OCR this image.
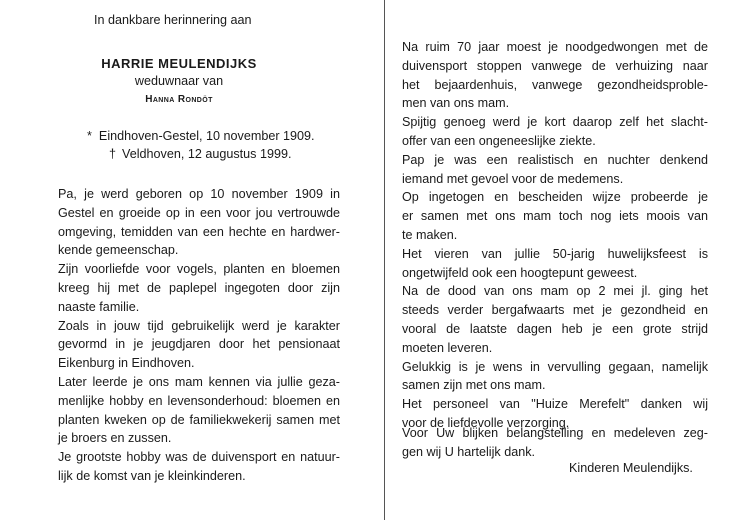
In dankbare herinnering aan
HARRIE MEULENDIJKS
weduwnaar van
Hanna Rondöt
* Eindhoven-Gestel, 10 november 1909.
† Veldhoven, 12 augustus 1999.
Pa, je werd geboren op 10 november 1909 in
Gestel en groeide op in een voor jou vertrouwde
omgeving, temidden van een hechte en hardwer-
kende gemeenschap.
Zijn voorliefde voor vogels, planten en bloemen
kreeg hij met de paplepel ingegoten door zijn
naaste familie.
Zoals in jouw tijd gebruikelijk werd je karakter
gevormd in je jeugdjaren door het pensionaat
Eikenburg in Eindhoven.
Later leerde je ons mam kennen via jullie geza-
menlijke hobby en levensonderhoud: bloemen en
planten kweken op de familiekwekerij samen met
je broers en zussen.
Je grootste hobby was de duivensport en natuur-
lijk de komst van je kleinkinderen.
Na ruim 70 jaar moest je noodgedwongen met de
duivensport stoppen vanwege de verhuizing naar
het bejaardenhuis, vanwege gezondheidsproble-
men van ons mam.
Spijtig genoeg werd je kort daarop zelf het slacht-
offer van een ongeneeslijke ziekte.
Pap je was een realistisch en nuchter denkend
iemand met gevoel voor de medemens.
Op ingetogen en bescheiden wijze probeerde je
er samen met ons mam toch nog iets moois van
te maken.
Het vieren van jullie 50-jarig huwelijksfeest is
ongetwijfeld ook een hoogtepunt geweest.
Na de dood van ons mam op 2 mei jl. ging het
steeds verder bergafwaarts met je gezondheid en
vooral de laatste dagen heb je een grote strijd
moeten leveren.
Gelukkig is je wens in vervulling gegaan, namelijk
samen zijn met ons mam.
Het personeel van "Huize Merefelt" danken wij
voor de liefdevolle verzorging.
Voor Uw blijken belangstelling en medeleven zeg-
gen wij U hartelijk dank.
Kinderen Meulendijks.
